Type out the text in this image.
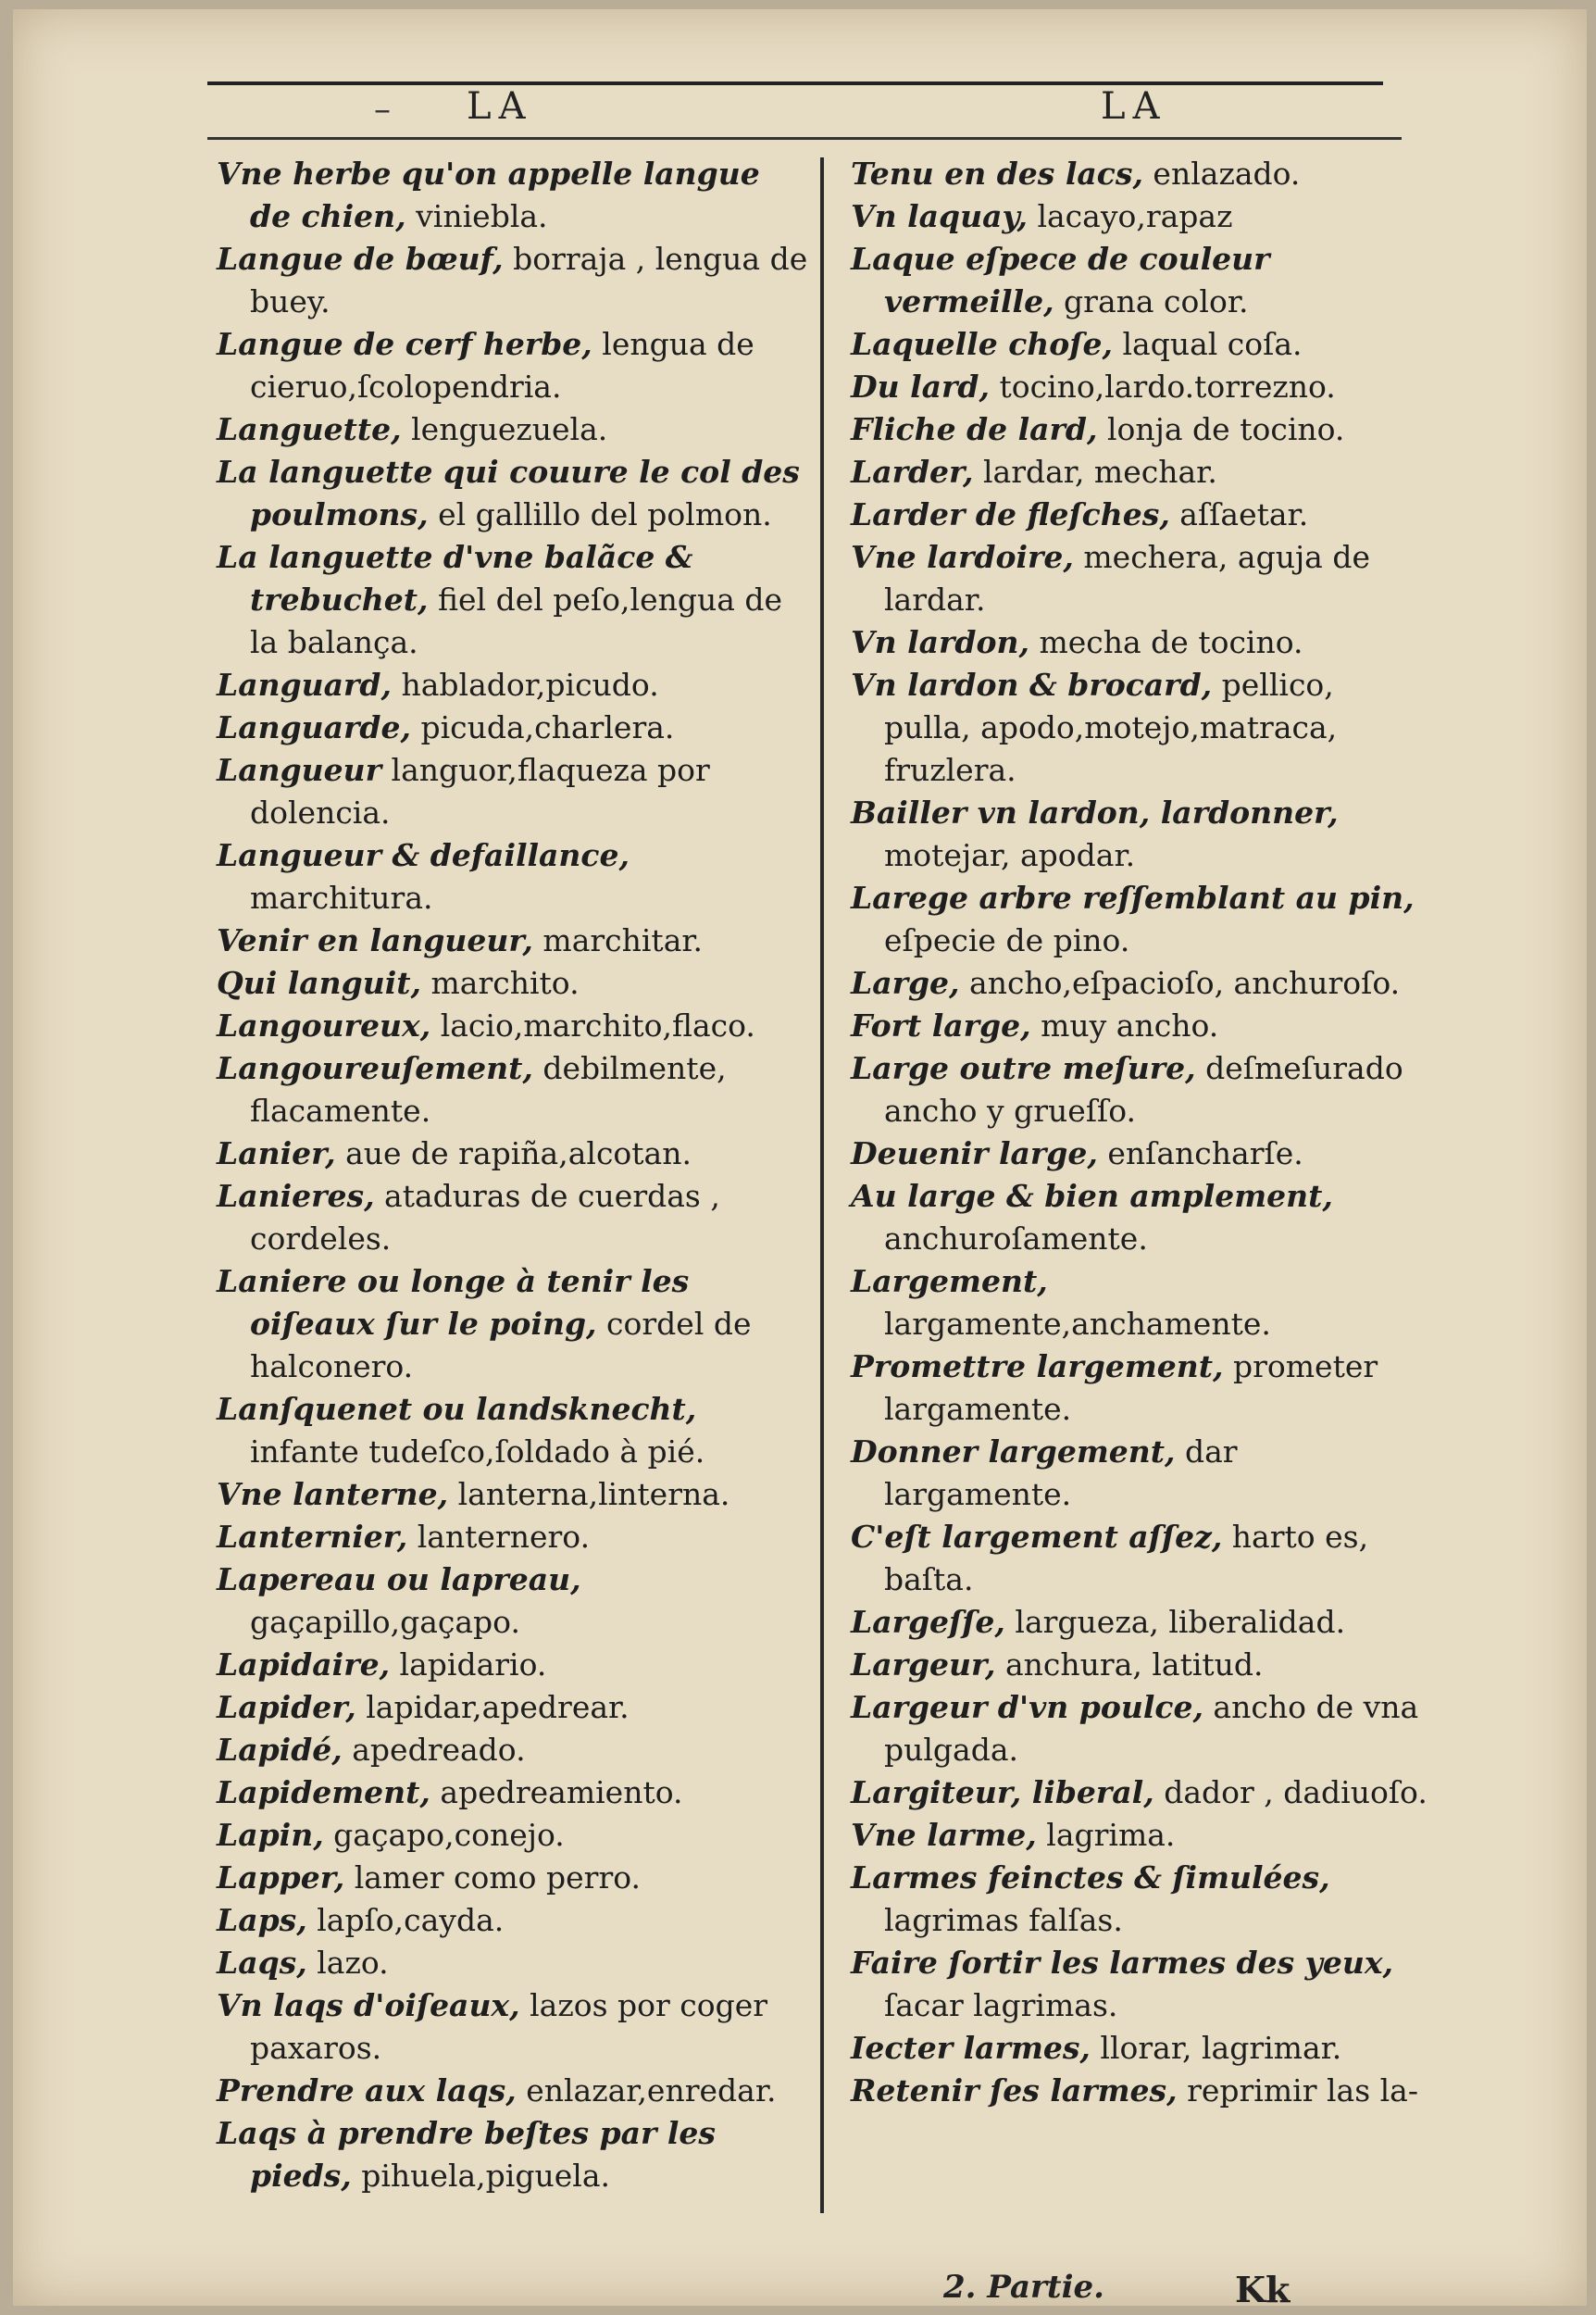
– LA	LA

Vne herbe qu'on appelle langue de chien, viniebla.

Langue de bœuf, borraja , lengua de buey.

Langue de cerf herbe, lengua de cieruo,ſcolopendria.

Languette, lenguezuela.

La languette qui couure le col des poulmons, el gallillo del polmon.

La languette d'vne balãce & trebuchet, fiel del peſo,lengua de la balança.

Languard, hablador,picudo.

Languarde, picuda,charlera.

Langueur languor,flaqueza por dolencia.

Langueur & defaillance, marchitura.

Venir en langueur, marchitar.

Qui languit, marchito.

Langoureux, lacio,marchito,flaco.

Langoureuſement, debilmente, flacamente.

Lanier, aue de rapiña,alcotan.

Lanieres, ataduras de cuerdas , cordeles.

Laniere ou longe à tenir les oiſeaux ſur le poing, cordel de halconero.

Lanſquenet ou landsknecht, infante tudeſco,ſoldado à pié.

Vne lanterne, lanterna,linterna.

Lanternier, lanternero.

Lapereau ou lapreau, gaçapillo,gaçapo.

Lapidaire, lapidario.

Lapider, lapidar,apedrear.

Lapidé, apedreado.

Lapidement, apedreamiento.

Lapin, gaçapo,conejo.

Lapper, lamer como perro.

Laps, lapſo,cayda.

Laqs, lazo.

Vn laqs d'oiſeaux, lazos por coger paxaros.

Prendre aux laqs, enlazar,enredar.

Laqs à prendre beſtes par les pieds, pihuela,piguela.

Tenu en des lacs, enlazado.

Vn laquay, lacayo,rapaz

Laque eſpece de couleur vermeille, grana color.

Laquelle choſe, laqual coſa.

Du lard, tocino,lardo.torrezno.

Fliche de lard, lonja de tocino.

Larder, lardar, mechar.

Larder de fleſches, aſſaetar.

Vne lardoire, mechera, aguja de lardar.

Vn lardon, mecha de tocino.

Vn lardon & brocard, pellico, pulla, apodo,motejo,matraca, fruzlera.

Bailler vn lardon, lardonner, motejar, apodar.

Larege arbre reſſemblant au pin, eſpecie de pino.

Large, ancho,eſpacioſo, anchuroſo.

Fort large, muy ancho.

Large outre meſure, deſmeſurado ancho y grueſſo.

Deuenir large, enſancharſe.

Au large & bien amplement, anchuroſamente.

Largement, largamente,anchamente.

Promettre largement, prometer largamente.

Donner largement, dar largamente.

C'eſt largement aſſez, harto es, baſta.

Largeſſe, largueza, liberalidad.

Largeur, anchura, latitud.

Largeur d'vn poulce, ancho de vna pulgada.

Largiteur, liberal, dador , dadiuoſo.

Vne larme, lagrima.

Larmes feinctes & ſimulées, lagrimas falſas.

Faire ſortir les larmes des yeux, ſacar lagrimas.

Iecter larmes, llorar, lagrimar.

Retenir ſes larmes, reprimir las la-

2. Partie.	Kk
